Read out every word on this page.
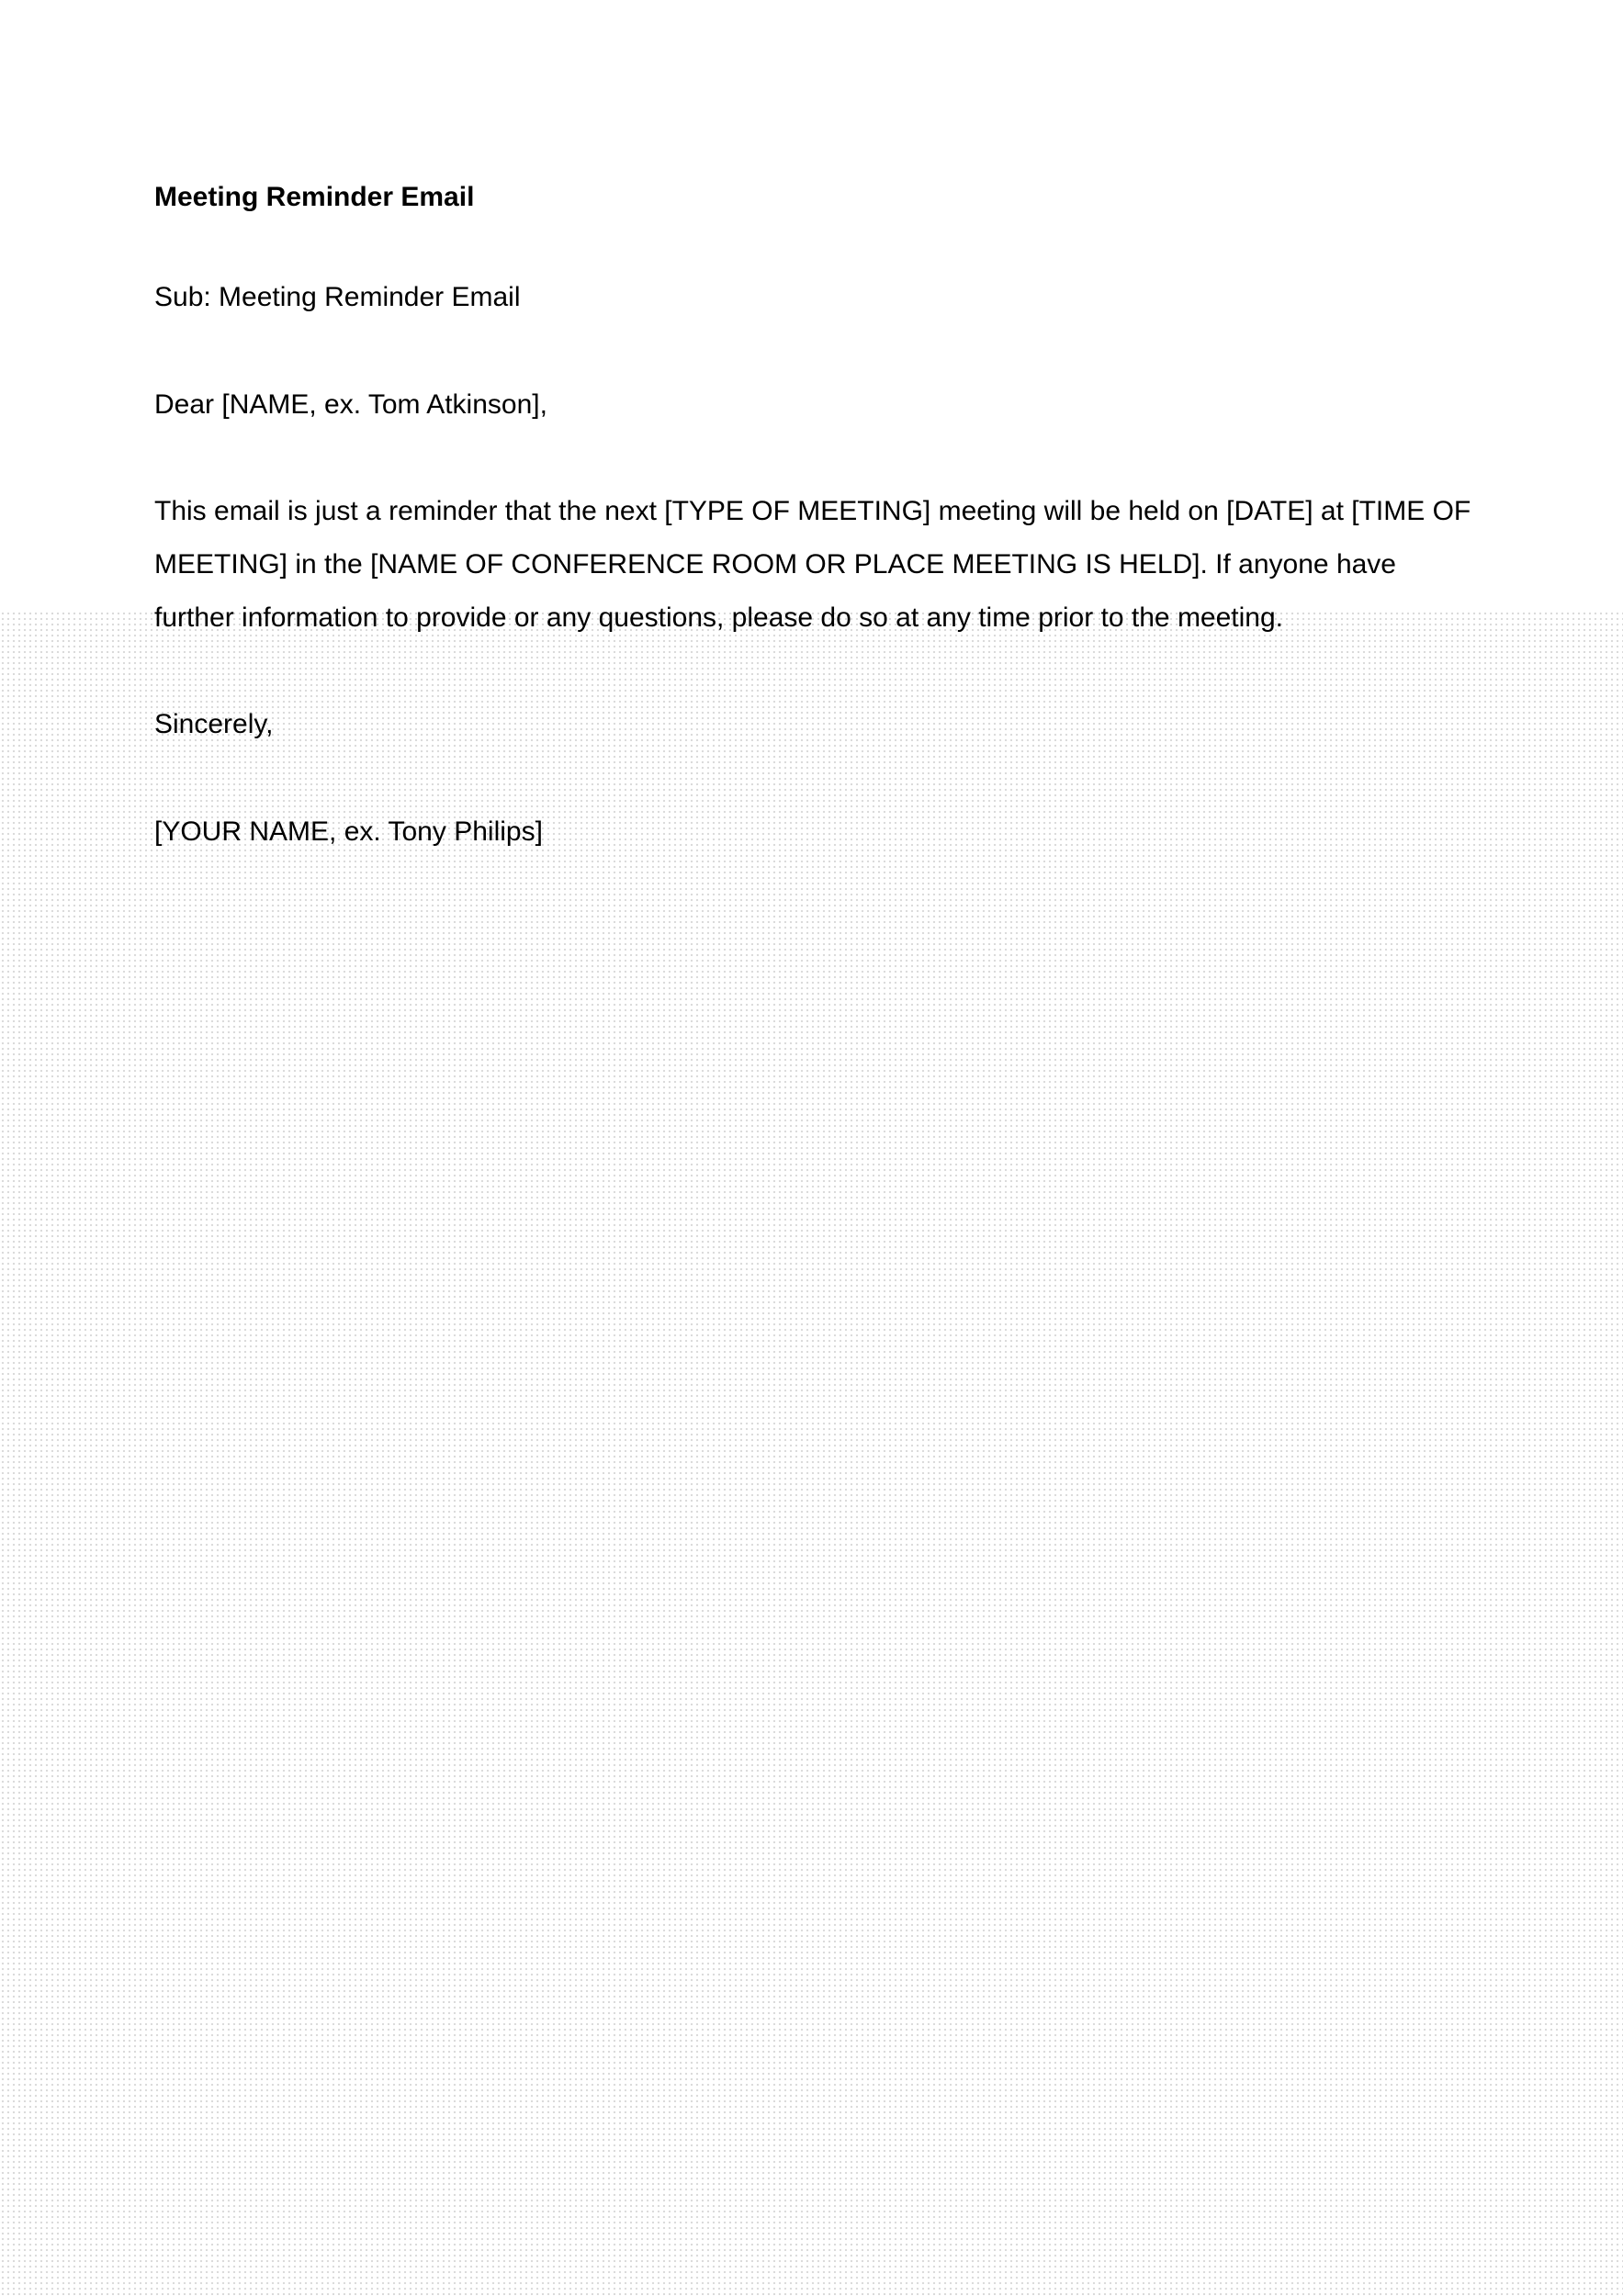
Meeting Reminder Email

Sub: Meeting Reminder Email

Dear [NAME, ex. Tom Atkinson],

This email is just a reminder that the next [TYPE OF MEETING] meeting will be held on [DATE] at [TIME OF

MEETING] in the [NAME OF CONFERENCE ROOM OR PLACE MEETING IS HELD]. If anyone have

further information to provide or any questions, please do so at any time prior to the meeting.

Sincerely,

[YOUR NAME, ex. Tony Philips]
